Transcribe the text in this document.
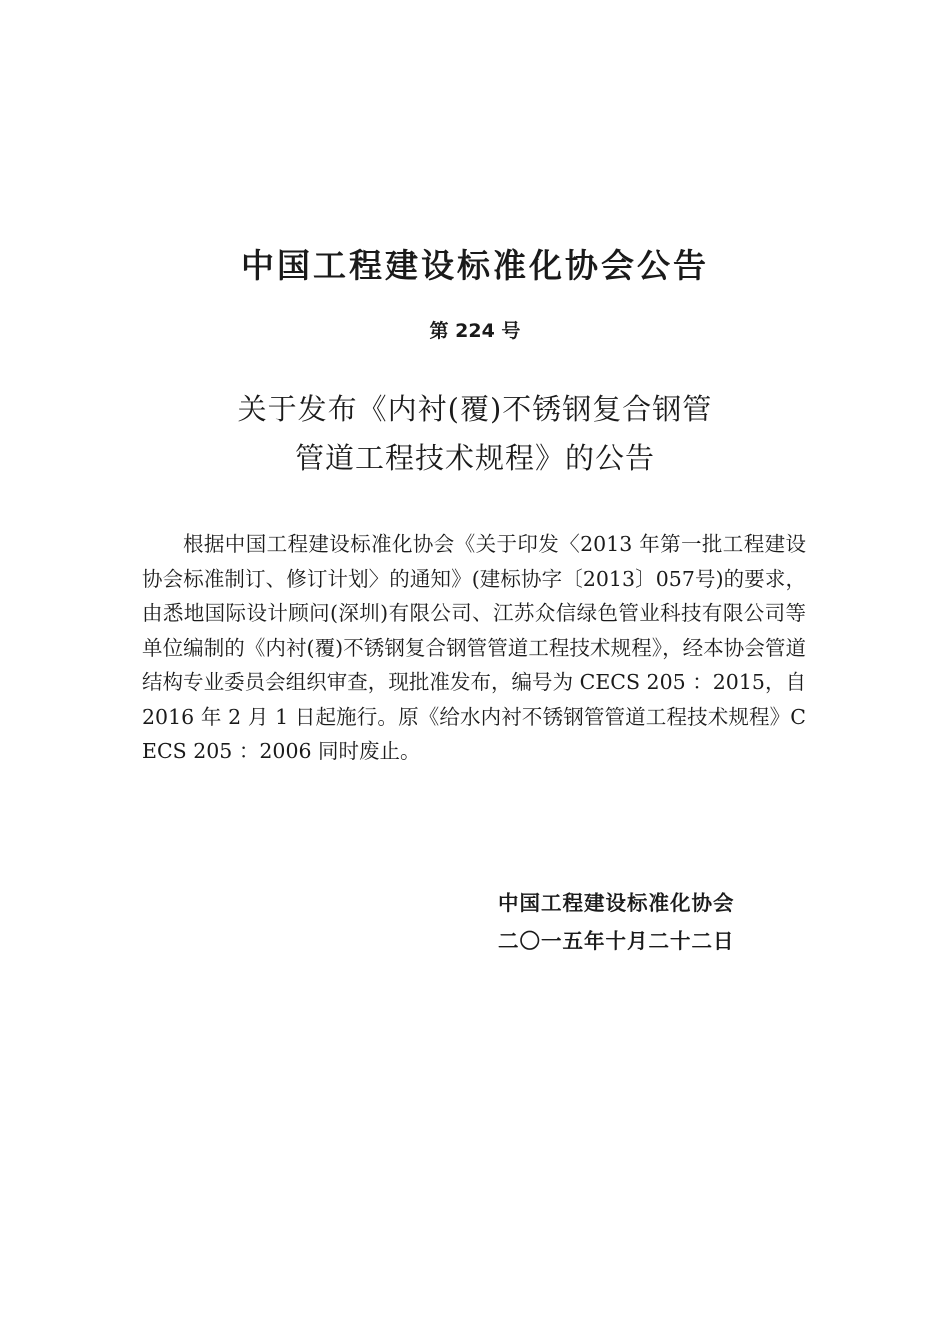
中国工程建设标准化协会公告
第 224 号
关于发布《内衬(覆)不锈钢复合钢管
管道工程技术规程》的公告
根据中国工程建设标准化协会《关于印发〈2013 年第一批工程建设协会标准制订、修订计划〉的通知》(建标协字〔2013〕057号)的要求，由悉地国际设计顾问(深圳)有限公司、江苏众信绿色管业科技有限公司等单位编制的《内衬(覆)不锈钢复合钢管管道工程技术规程》，经本协会管道结构专业委员会组织审查，现批准发布，编号为 CECS 205 ：2015，自 2016 年 2 月 1 日起施行。原《给水内衬不锈钢管管道工程技术规程》CECS 205 ：2006 同时废止。
中国工程建设标准化协会
二〇一五年十月二十二日
